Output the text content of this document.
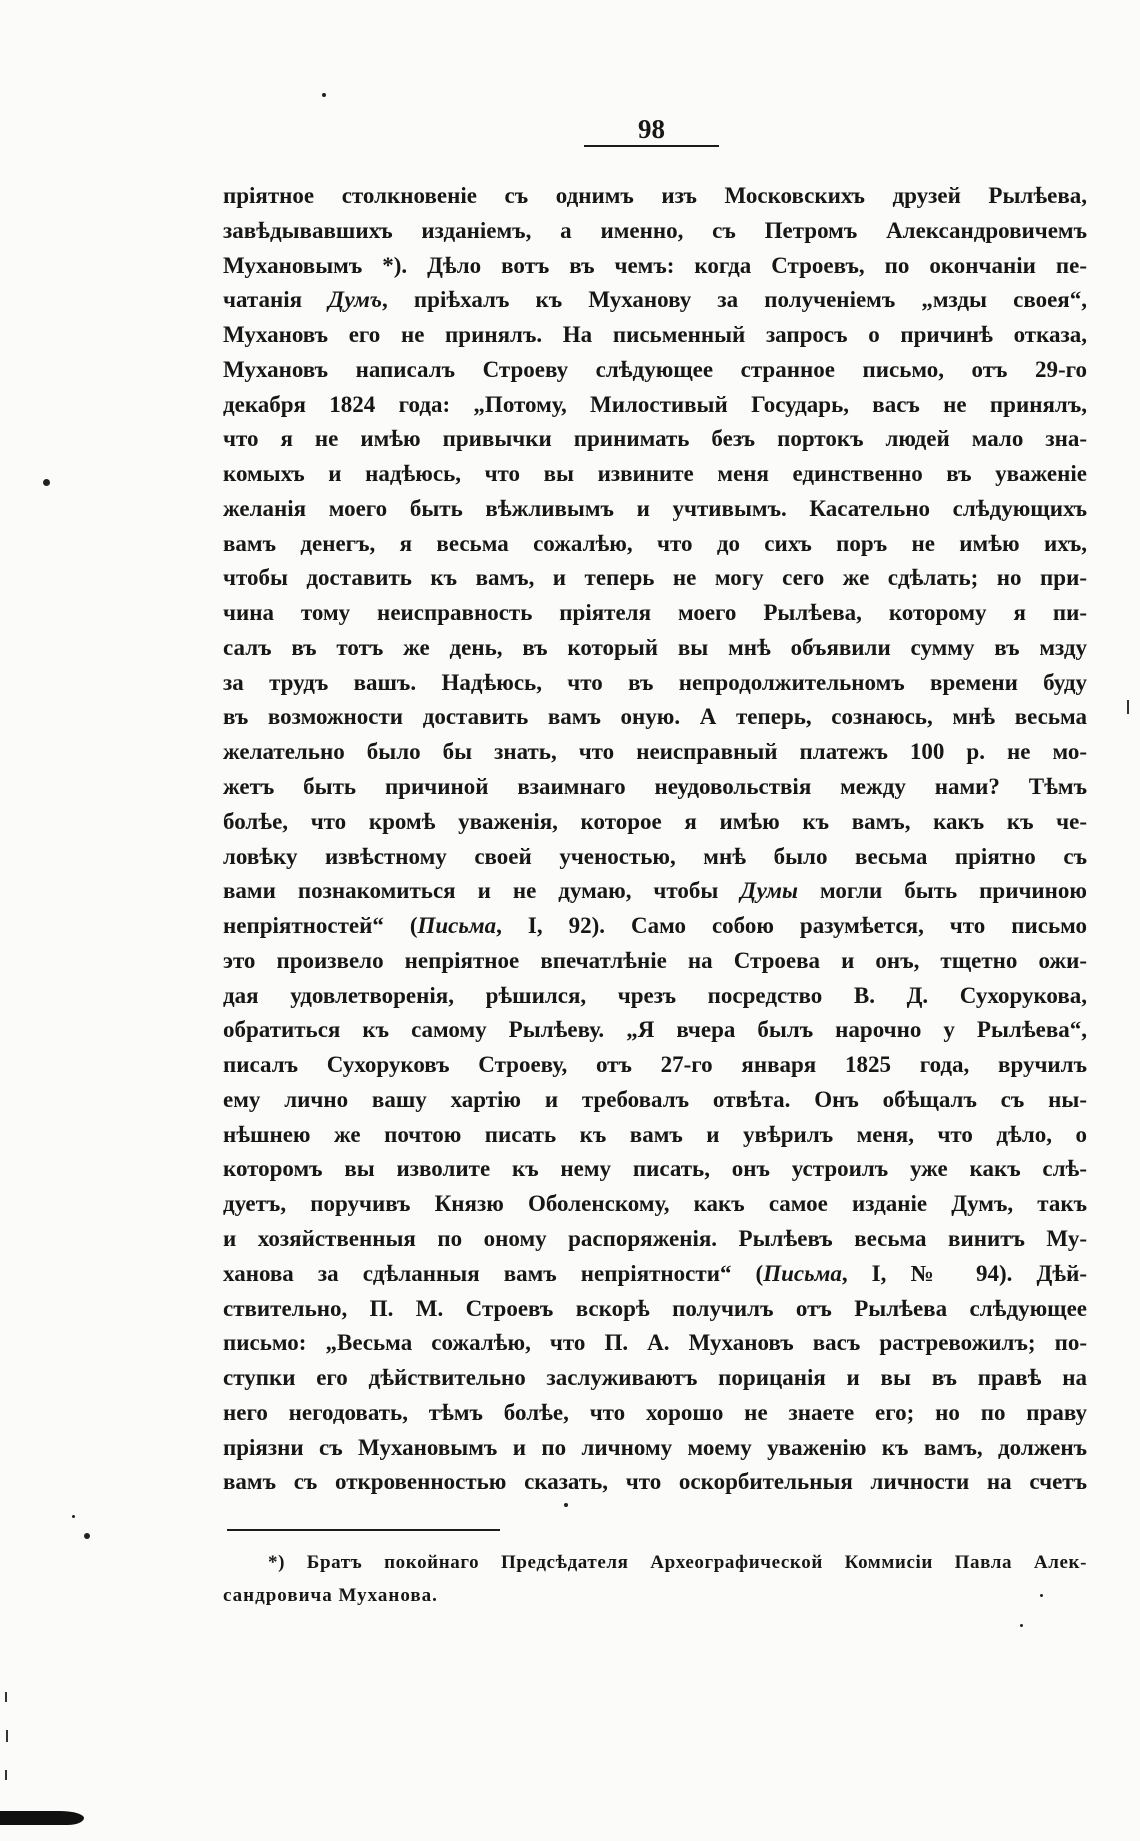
98
пріятное столкновеніе съ однимъ изъ Московскихъ друзей Рылѣева,
завѣдывавшихъ изданіемъ, а именно, съ Петромъ Александровичемъ
Мухановымъ *). Дѣло вотъ въ чемъ: когда Строевъ, по окончаніи пе-
чатанія Думъ, пріѣхалъ къ Муханову за полученіемъ „мзды своея“,
Мухановъ его не принялъ. На письменный запросъ о причинѣ отказа,
Мухановъ написалъ Строеву слѣдующее странное письмо, отъ 29-го
декабря 1824 года: „Потому, Милостивый Государь, васъ не принялъ,
что я не имѣю привычки принимать безъ портокъ людей мало зна-
комыхъ и надѣюсь, что вы извините меня единственно въ уваженіе
желанія моего быть вѣжливымъ и учтивымъ. Касательно слѣдующихъ
вамъ денегъ, я весьма сожалѣю, что до сихъ поръ не имѣю ихъ,
чтобы доставить къ вамъ, и теперь не могу сего же сдѣлать; но при-
чина тому неисправность пріятеля моего Рылѣева, которому я пи-
салъ въ тотъ же день, въ который вы мнѣ объявили сумму въ мзду
за трудъ вашъ. Надѣюсь, что въ непродолжительномъ времени буду
въ возможности доставить вамъ оную. А теперь, сознаюсь, мнѣ весьма
желательно было бы знать, что неисправный платежъ 100 р. не мо-
жетъ быть причиной взаимнаго неудовольствія между нами? Тѣмъ
болѣе, что кромѣ уваженія, которое я имѣю къ вамъ, какъ къ че-
ловѣку извѣстному своей ученостью, мнѣ было весьма пріятно съ
вами познакомиться и не думаю, чтобы Думы могли быть причиною
непріятностей“ (Письма, I, 92). Само собою разумѣется, что письмо
это произвело непріятное впечатлѣніе на Строева и онъ, тщетно ожи-
дая удовлетворенія, рѣшился, чрезъ посредство В. Д. Сухорукова,
обратиться къ самому Рылѣеву. „Я вчера былъ нарочно у Рылѣева“,
писалъ Сухоруковъ Строеву, отъ 27-го января 1825 года, вручилъ
ему лично вашу хартію и требовалъ отвѣта. Онъ обѣщалъ съ ны-
нѣшнею же почтою писать къ вамъ и увѣрилъ меня, что дѣло, о
которомъ вы изволите къ нему писать, онъ устроилъ уже какъ слѣ-
дуетъ, поручивъ Князю Оболенскому, какъ самое изданіе Думъ, такъ
и хозяйственныя по оному распоряженія. Рылѣевъ весьма винитъ Му-
ханова за сдѣланныя вамъ непріятности“ (Письма, I, № 94). Дѣй-
ствительно, П. М. Строевъ вскорѣ получилъ отъ Рылѣева слѣдующее
письмо: „Весьма сожалѣю, что П. А. Мухановъ васъ растревожилъ; по-
ступки его дѣйствительно заслуживаютъ порицанія и вы въ правѣ на
него негодовать, тѣмъ болѣе, что хорошо не знаете его; но по праву
пріязни съ Мухановымъ и по личному моему уваженію къ вамъ, долженъ
вамъ съ откровенностью сказать, что оскорбительныя личности на счетъ
*) Братъ покойнаго Предсѣдателя Археографической Коммисіи Павла Алек-
сандровича Муханова.
